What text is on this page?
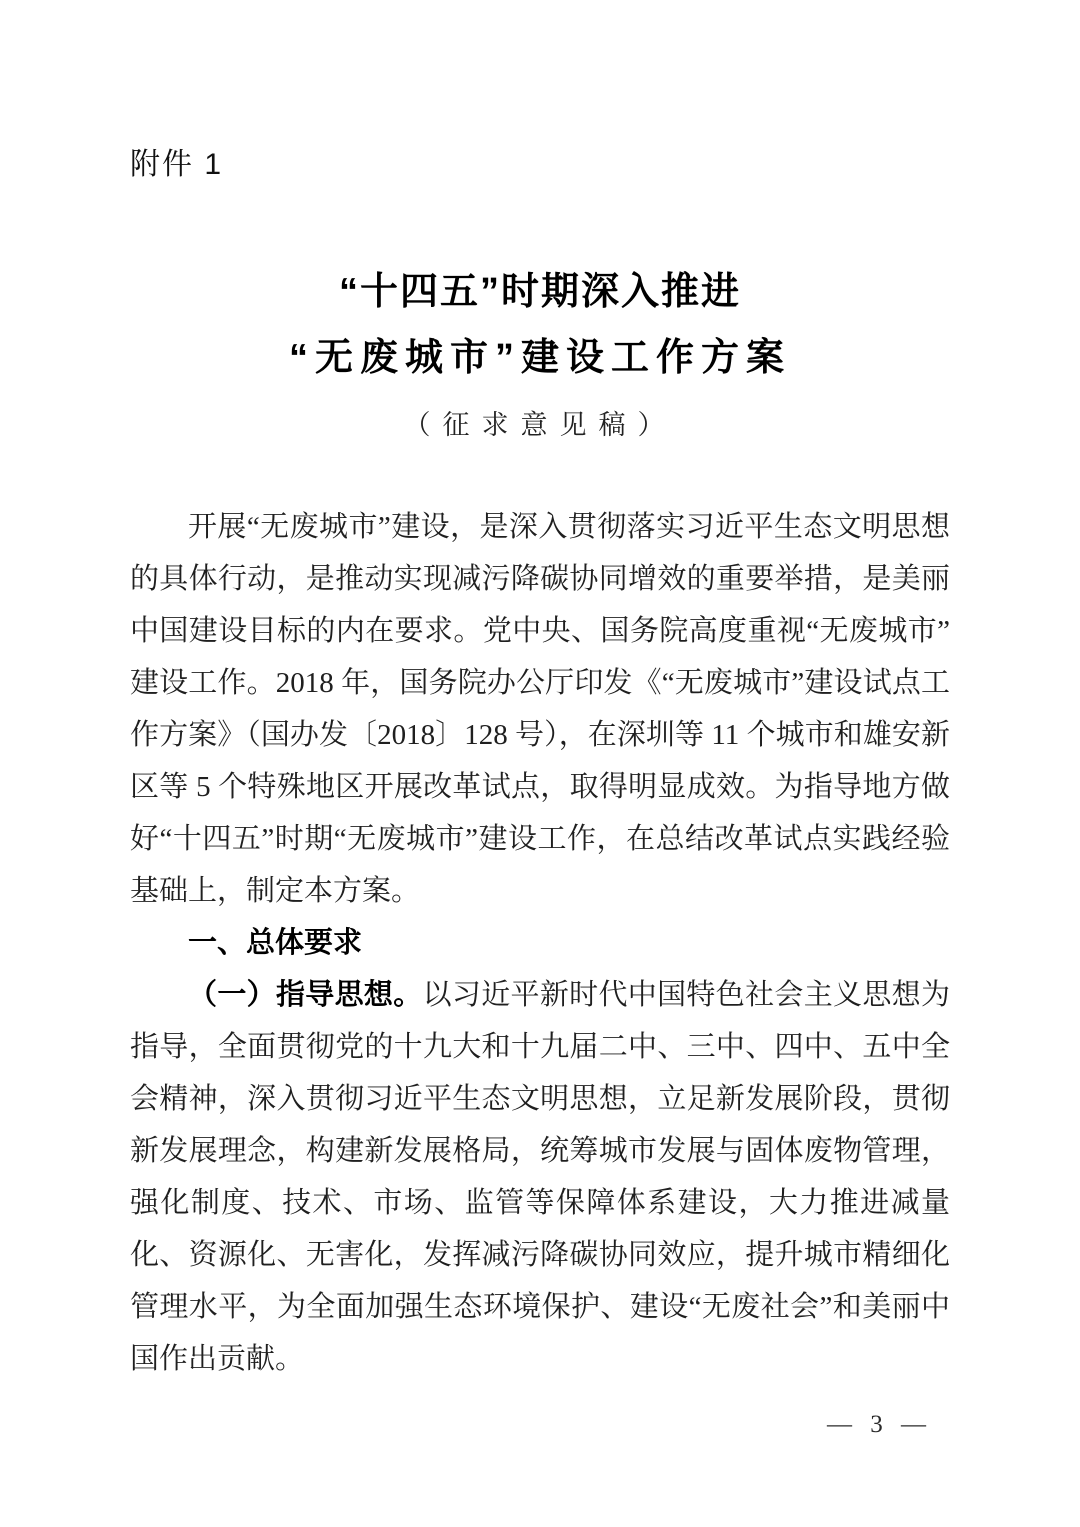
附件 1
“十四五”时期深入推进
“无废城市”建设工作方案
（征求意见稿）

开展“无废城市”建设，是深入贯彻落实习近平生态文明思想的具体行动，是推动实现减污降碳协同增效的重要举措，是美丽中国建设目标的内在要求。党中央、国务院高度重视“无废城市”建设工作。2018 年，国务院办公厅印发《“无废城市”建设试点工作方案》（国办发〔2018〕128 号），在深圳等 11 个城市和雄安新区等 5 个特殊地区开展改革试点，取得明显成效。为指导地方做好“十四五”时期“无废城市”建设工作，在总结改革试点实践经验基础上，制定本方案。

一、总体要求

（一）指导思想。以习近平新时代中国特色社会主义思想为指导，全面贯彻党的十九大和十九届二中、三中、四中、五中全会精神，深入贯彻习近平生态文明思想，立足新发展阶段，贯彻新发展理念，构建新发展格局，统筹城市发展与固体废物管理，强化制度、技术、市场、监管等保障体系建设，大力推进减量化、资源化、无害化，发挥减污降碳协同效应，提升城市精细化管理水平，为全面加强生态环境保护、建设“无废社会”和美丽中国作出贡献。

— 3 —
